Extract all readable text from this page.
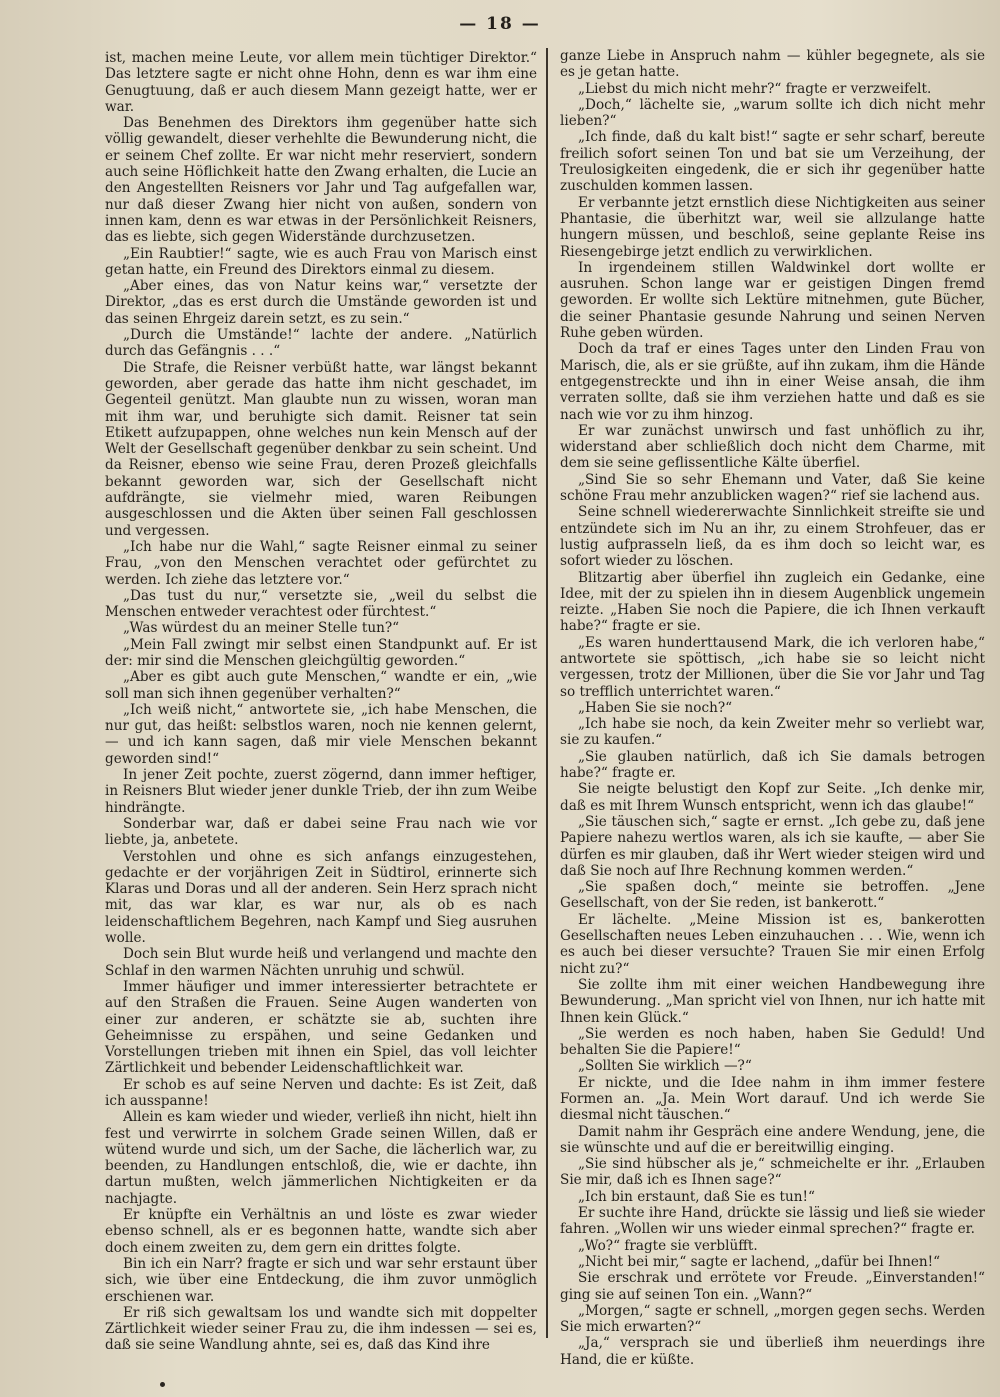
— 18 —

ist, machen meine Leute, vor allem mein tüchtiger Direktor.“ Das letztere sagte er nicht ohne Hohn, denn es war ihm eine Genugtuung, daß er auch diesem Mann gezeigt hatte, wer er war.

Das Benehmen des Direktors ihm gegenüber hatte sich völlig gewandelt, dieser verhehlte die Bewunderung nicht, die er seinem Chef zollte. Er war nicht mehr reserviert, sondern auch seine Höflichkeit hatte den Zwang erhalten, die Lucie an den Angestellten Reisners vor Jahr und Tag aufgefallen war, nur daß dieser Zwang hier nicht von außen, sondern von innen kam, denn es war etwas in der Persönlichkeit Reisners, das es liebte, sich gegen Widerstände durchzusetzen.

„Ein Raubtier!“ sagte, wie es auch Frau von Marisch einst getan hatte, ein Freund des Direktors einmal zu diesem.

„Aber eines, das von Natur keins war,“ versetzte der Direktor, „das es erst durch die Umstände geworden ist und das seinen Ehrgeiz darein setzt, es zu sein.“

„Durch die Umstände!“ lachte der andere. „Natürlich durch das Gefängnis . . .“

Die Strafe, die Reisner verbüßt hatte, war längst bekannt geworden, aber gerade das hatte ihm nicht geschadet, im Gegenteil genützt. Man glaubte nun zu wissen, woran man mit ihm war, und beruhigte sich damit. Reisner tat sein Etikett aufzupappen, ohne welches nun kein Mensch auf der Welt der Gesellschaft gegenüber denkbar zu sein scheint. Und da Reisner, ebenso wie seine Frau, deren Prozeß gleichfalls bekannt geworden war, sich der Gesellschaft nicht aufdrängte, sie vielmehr mied, waren Reibungen ausgeschlossen und die Akten über seinen Fall geschlossen und vergessen.

„Ich habe nur die Wahl,“ sagte Reisner einmal zu seiner Frau, „von den Menschen verachtet oder gefürchtet zu werden. Ich ziehe das letztere vor.“

„Das tust du nur,“ versetzte sie, „weil du selbst die Menschen entweder verachtest oder fürchtest.“

„Was würdest du an meiner Stelle tun?“

„Mein Fall zwingt mir selbst einen Standpunkt auf. Er ist der: mir sind die Menschen gleichgültig geworden.“

„Aber es gibt auch gute Menschen,“ wandte er ein, „wie soll man sich ihnen gegenüber verhalten?“

„Ich weiß nicht,“ antwortete sie, „ich habe Menschen, die nur gut, das heißt: selbstlos waren, noch nie kennen gelernt, — und ich kann sagen, daß mir viele Menschen bekannt geworden sind!“

In jener Zeit pochte, zuerst zögernd, dann immer heftiger, in Reisners Blut wieder jener dunkle Trieb, der ihn zum Weibe hindrängte.

Sonderbar war, daß er dabei seine Frau nach wie vor liebte, ja, anbetete.

Verstohlen und ohne es sich anfangs einzugestehen, gedachte er der vorjährigen Zeit in Südtirol, erinnerte sich Klaras und Doras und all der anderen. Sein Herz sprach nicht mit, das war klar, es war nur, als ob es nach leidenschaftlichem Begehren, nach Kampf und Sieg ausruhen wolle.

Doch sein Blut wurde heiß und verlangend und machte den Schlaf in den warmen Nächten unruhig und schwül.

Immer häufiger und immer interessierter betrachtete er auf den Straßen die Frauen. Seine Augen wanderten von einer zur anderen, er schätzte sie ab, suchten ihre Geheimnisse zu erspähen, und seine Gedanken und Vorstellungen trieben mit ihnen ein Spiel, das voll leichter Zärtlichkeit und bebender Leidenschaftlichkeit war.

Er schob es auf seine Nerven und dachte: Es ist Zeit, daß ich ausspanne!

Allein es kam wieder und wieder, verließ ihn nicht, hielt ihn fest und verwirrte in solchem Grade seinen Willen, daß er wütend wurde und sich, um der Sache, die lächerlich war, zu beenden, zu Handlungen entschloß, die, wie er dachte, ihn dartun mußten, welch jämmerlichen Nichtigkeiten er da nachjagte.

Er knüpfte ein Verhältnis an und löste es zwar wieder ebenso schnell, als er es begonnen hatte, wandte sich aber doch einem zweiten zu, dem gern ein drittes folgte.

Bin ich ein Narr? fragte er sich und war sehr erstaunt über sich, wie über eine Entdeckung, die ihm zuvor unmöglich erschienen war.

Er riß sich gewaltsam los und wandte sich mit doppelter Zärtlichkeit wieder seiner Frau zu, die ihm indessen — sei es, daß sie seine Wandlung ahnte, sei es, daß das Kind ihre

ganze Liebe in Anspruch nahm — kühler begegnete, als sie es je getan hatte.

„Liebst du mich nicht mehr?“ fragte er verzweifelt.

„Doch,“ lächelte sie, „warum sollte ich dich nicht mehr lieben?“

„Ich finde, daß du kalt bist!“ sagte er sehr scharf, bereute freilich sofort seinen Ton und bat sie um Verzeihung, der Treulosigkeiten eingedenk, die er sich ihr gegenüber hatte zuschulden kommen lassen.

Er verbannte jetzt ernstlich diese Nichtigkeiten aus seiner Phantasie, die überhitzt war, weil sie allzulange hatte hungern müssen, und beschloß, seine geplante Reise ins Riesengebirge jetzt endlich zu verwirklichen.

In irgendeinem stillen Waldwinkel dort wollte er ausruhen. Schon lange war er geistigen Dingen fremd geworden. Er wollte sich Lektüre mitnehmen, gute Bücher, die seiner Phantasie gesunde Nahrung und seinen Nerven Ruhe geben würden.

Doch da traf er eines Tages unter den Linden Frau von Marisch, die, als er sie grüßte, auf ihn zukam, ihm die Hände entgegenstreckte und ihn in einer Weise ansah, die ihm verraten sollte, daß sie ihm verziehen hatte und daß es sie nach wie vor zu ihm hinzog.

Er war zunächst unwirsch und fast unhöflich zu ihr, widerstand aber schließlich doch nicht dem Charme, mit dem sie seine geflissentliche Kälte überfiel.

„Sind Sie so sehr Ehemann und Vater, daß Sie keine schöne Frau mehr anzublicken wagen?“ rief sie lachend aus.

Seine schnell wiedererwachte Sinnlichkeit streifte sie und entzündete sich im Nu an ihr, zu einem Strohfeuer, das er lustig aufprasseln ließ, da es ihm doch so leicht war, es sofort wieder zu löschen.

Blitzartig aber überfiel ihn zugleich ein Gedanke, eine Idee, mit der zu spielen ihn in diesem Augenblick ungemein reizte. „Haben Sie noch die Papiere, die ich Ihnen verkauft habe?“ fragte er sie.

„Es waren hunderttausend Mark, die ich verloren habe,“ antwortete sie spöttisch, „ich habe sie so leicht nicht vergessen, trotz der Millionen, über die Sie vor Jahr und Tag so trefflich unterrichtet waren.“

„Haben Sie sie noch?“

„Ich habe sie noch, da kein Zweiter mehr so verliebt war, sie zu kaufen.“

„Sie glauben natürlich, daß ich Sie damals betrogen habe?“ fragte er.

Sie neigte belustigt den Kopf zur Seite. „Ich denke mir, daß es mit Ihrem Wunsch entspricht, wenn ich das glaube!“

„Sie täuschen sich,“ sagte er ernst. „Ich gebe zu, daß jene Papiere nahezu wertlos waren, als ich sie kaufte, — aber Sie dürfen es mir glauben, daß ihr Wert wieder steigen wird und daß Sie noch auf Ihre Rechnung kommen werden.“

„Sie spaßen doch,“ meinte sie betroffen. „Jene Gesellschaft, von der Sie reden, ist bankerott.“

Er lächelte. „Meine Mission ist es, bankerotten Gesellschaften neues Leben einzuhauchen . . . Wie, wenn ich es auch bei dieser versuchte? Trauen Sie mir einen Erfolg nicht zu?“

Sie zollte ihm mit einer weichen Handbewegung ihre Bewunderung. „Man spricht viel von Ihnen, nur ich hatte mit Ihnen kein Glück.“

„Sie werden es noch haben, haben Sie Geduld! Und behalten Sie die Papiere!“

„Sollten Sie wirklich —?“

Er nickte, und die Idee nahm in ihm immer festere Formen an. „Ja. Mein Wort darauf. Und ich werde Sie diesmal nicht täuschen.“

Damit nahm ihr Gespräch eine andere Wendung, jene, die sie wünschte und auf die er bereitwillig einging.

„Sie sind hübscher als je,“ schmeichelte er ihr. „Erlauben Sie mir, daß ich es Ihnen sage?“

„Ich bin erstaunt, daß Sie es tun!“

Er suchte ihre Hand, drückte sie lässig und ließ sie wieder fahren. „Wollen wir uns wieder einmal sprechen?“ fragte er.

„Wo?“ fragte sie verblüfft.

„Nicht bei mir,“ sagte er lachend, „dafür bei Ihnen!“

Sie erschrak und errötete vor Freude. „Einverstanden!“ ging sie auf seinen Ton ein. „Wann?“

„Morgen,“ sagte er schnell, „morgen gegen sechs. Werden Sie mich erwarten?“

„Ja,“ versprach sie und überließ ihm neuerdings ihre Hand, die er küßte.
